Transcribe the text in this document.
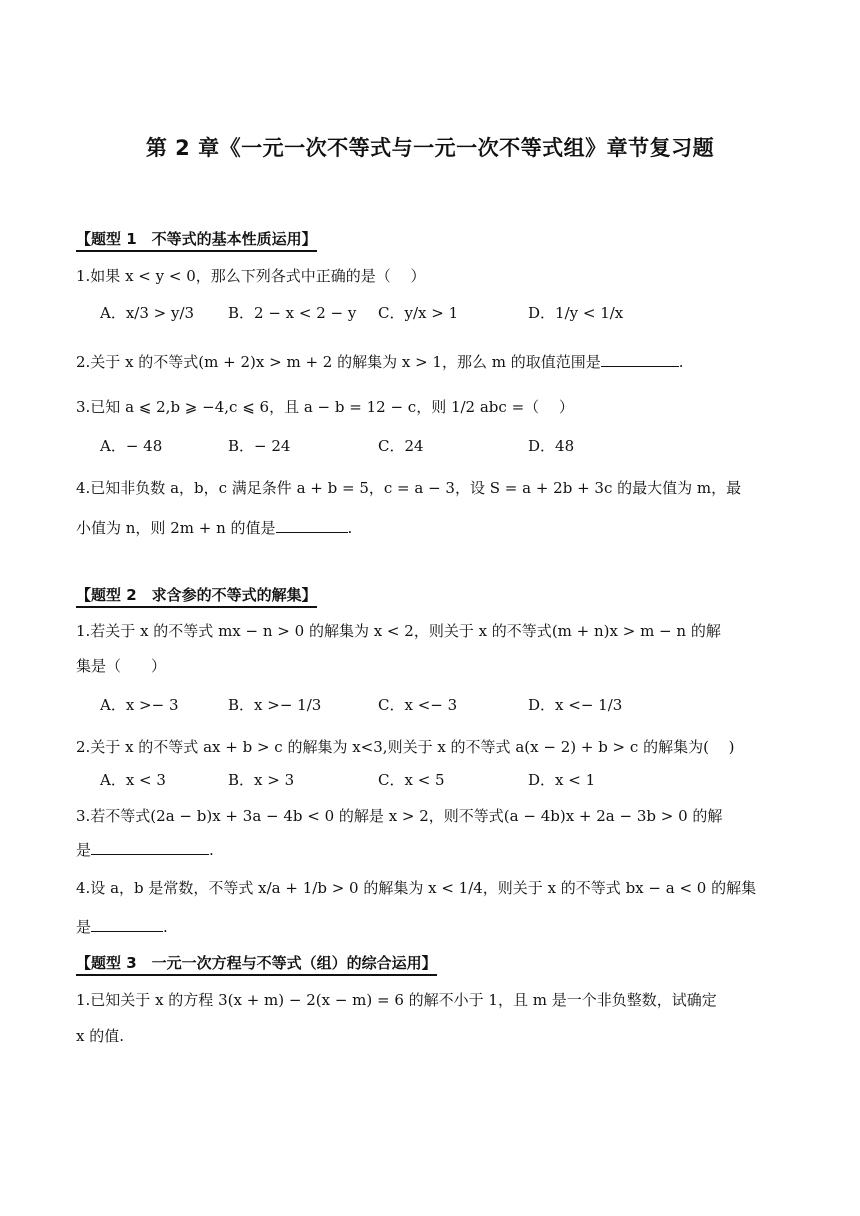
第 2 章《一元一次不等式与一元一次不等式组》章节复习题
【题型 1　不等式的基本性质运用】
1.如果 x < y < 0，那么下列各式中正确的是（　 ）
A．x/3 > y/3 B．2 − x < 2 − y C．y/x > 1	D．1/y < 1/x
2.关于 x 的不等式(m + 2)x > m + 2 的解集为 x > 1，那么 m 的取值范围是	.
3.已知 a ⩽ 2,b ⩾ −4,c ⩽ 6，且 a − b = 12 − c，则 1/2 abc =（　 ）
A．− 48	B．− 24	C．24	D．48
4.已知非负数 a，b，c 满足条件 a + b = 5，c = a − 3，设 S = a + 2b + 3c 的最大值为 m，最
小值为 n，则 2m + n 的值是	.
【题型 2　求含参的不等式的解集】
1.若关于 x 的不等式 mx − n > 0 的解集为 x < 2，则关于 x 的不等式(m + n)x > m − n 的解
集是（　　）
A．x >− 3	B．x >− 1/3	C．x <− 3	D．x <− 1/3
2.关于 x 的不等式 ax + b > c 的解集为 x<3,则关于 x 的不等式 a(x − 2) + b > c 的解集为(　 )
A．x < 3	B．x > 3	C．x < 5	D．x < 1
3.若不等式(2a − b)x + 3a − 4b < 0 的解是 x > 2，则不等式(a − 4b)x + 2a − 3b > 0 的解
是	.
4.设 a，b 是常数，不等式 x/a + 1/b > 0 的解集为 x < 1/4，则关于 x 的不等式 bx − a < 0 的解集
是	.
【题型 3　一元一次方程与不等式（组）的综合运用】
1.已知关于 x 的方程 3(x + m) − 2(x − m) = 6 的解不小于 1，且 m 是一个非负整数，试确定
x 的值.
